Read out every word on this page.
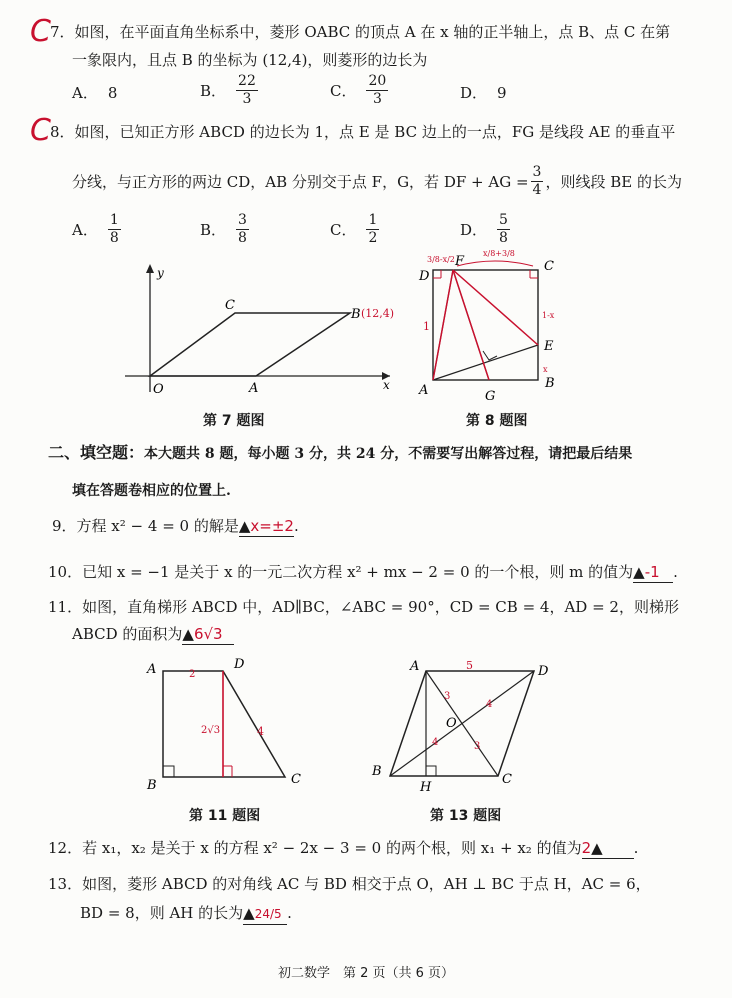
C 7．如图，在平面直角坐标系中，菱形 OABC 的顶点 A 在 x 轴的正半轴上，点 B、点 C 在第
一象限内，且点 B 的坐标为 (12,4)，则菱形的边长为
A． 8	B． $\frac{22}{3}$	C． $\frac{20}{3}$	D． 9
C 8．如图，已知正方形 ABCD 的边长为 1，点 E 是 BC 边上的一点，FG 是线段 AE 的垂直平
分线，与正方形的两边 CD，AB 分别交于点 F，G，若 DF + AG = $\frac{3}{4}$ ，则线段 BE 的长为
A． $\frac{1}{8}$	B． $\frac{3}{8}$	C． $\frac{1}{2}$	D． $\frac{5}{8}$
y
x
O	A
C
B (12,4)
第 7 题图
D
C
A	B
E
F
G
1
3/8-x/2
x/8+3/8
1-x
x
第 8 题图
二、填空题：本大题共 8 题，每小题 3 分，共 24 分，不需要写出解答过程，请把最后结果
填在答题卷相应的位置上.
9．方程 x² − 4 = 0 的解是▲x=±2.
10．已知 x = −1 是关于 x 的一元二次方程 x² + mx − 2 = 0 的一个根，则 m 的值为▲-1 .
11．如图，直角梯形 ABCD 中，AD∥BC，∠ABC = 90°，CD = CB = 4，AD = 2，则梯形
ABCD 的面积为▲6√3
A	D
B	C
2√3	4
2
第 11 题图
A	D
B
C
O
H
5
4
3
3
4
第 13 题图
12．若 x₁，x₂ 是关于 x 的方程 x² − 2x − 3 = 0 的两个根，则 x₁ + x₂ 的值为2▲ .
13．如图，菱形 ABCD 的对角线 AC 与 BD 相交于点 O，AH ⊥ BC 于点 H，AC = 6，
BD = 8，则 AH 的长为▲24/5 .
初二数学　第 2 页（共 6 页）
